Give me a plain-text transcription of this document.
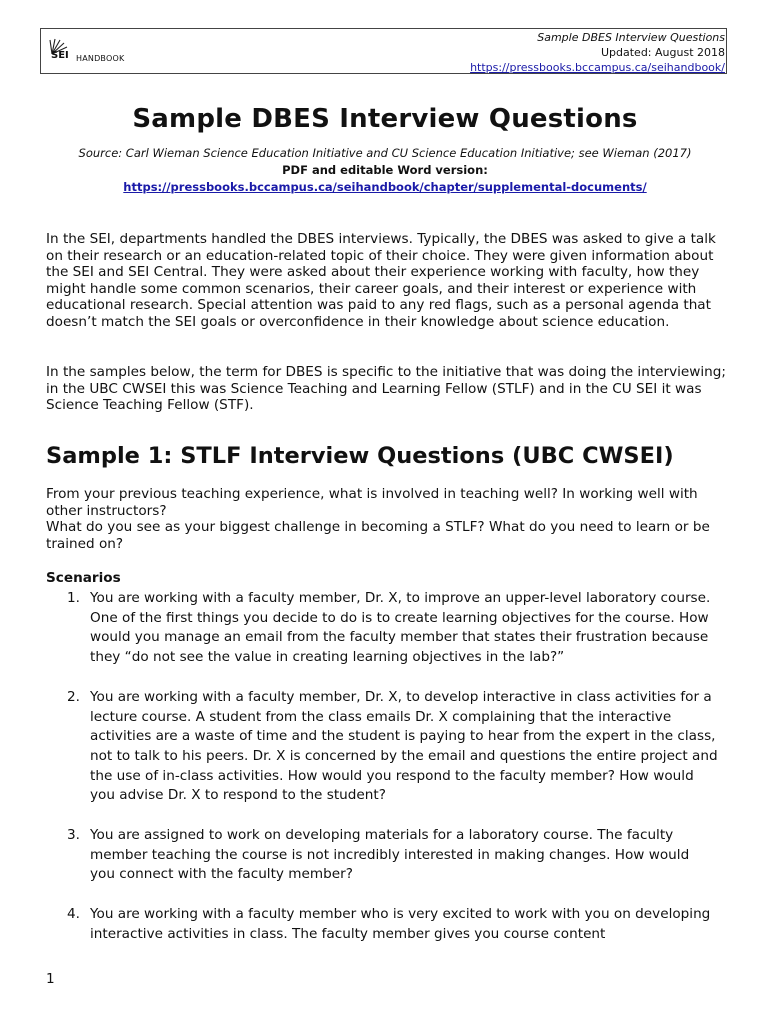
SEI HANDBOOK
Sample DBES Interview Questions
Updated: August 2018
https://pressbooks.bccampus.ca/seihandbook/
Sample DBES Interview Questions
Source: Carl Wieman Science Education Initiative and CU Science Education Initiative; see Wieman (2017)
PDF and editable Word version:
https://pressbooks.bccampus.ca/seihandbook/chapter/supplemental-documents/
In the SEI, departments handled the DBES interviews. Typically, the DBES was asked to give a talk on their research or an education-related topic of their choice. They were given information about the SEI and SEI Central. They were asked about their experience working with faculty, how they might handle some common scenarios, their career goals, and their interest or experience with educational research. Special attention was paid to any red flags, such as a personal agenda that doesn’t match the SEI goals or overconfidence in their knowledge about science education.
In the samples below, the term for DBES is specific to the initiative that was doing the interviewing; in the UBC CWSEI this was Science Teaching and Learning Fellow (STLF) and in the CU SEI it was Science Teaching Fellow (STF).
Sample 1: STLF Interview Questions (UBC CWSEI)
From your previous teaching experience, what is involved in teaching well? In working well with other instructors?
What do you see as your biggest challenge in becoming a STLF? What do you need to learn or be trained on?
Scenarios
1. You are working with a faculty member, Dr. X, to improve an upper-level laboratory course. One of the first things you decide to do is to create learning objectives for the course. How would you manage an email from the faculty member that states their frustration because they “do not see the value in creating learning objectives in the lab?”
2. You are working with a faculty member, Dr. X, to develop interactive in class activities for a lecture course. A student from the class emails Dr. X complaining that the interactive activities are a waste of time and the student is paying to hear from the expert in the class, not to talk to his peers. Dr. X is concerned by the email and questions the entire project and the use of in-class activities. How would you respond to the faculty member? How would you advise Dr. X to respond to the student?
3. You are assigned to work on developing materials for a laboratory course. The faculty member teaching the course is not incredibly interested in making changes. How would you connect with the faculty member?
4. You are working with a faculty member who is very excited to work with you on developing interactive activities in class. The faculty member gives you course content
1
